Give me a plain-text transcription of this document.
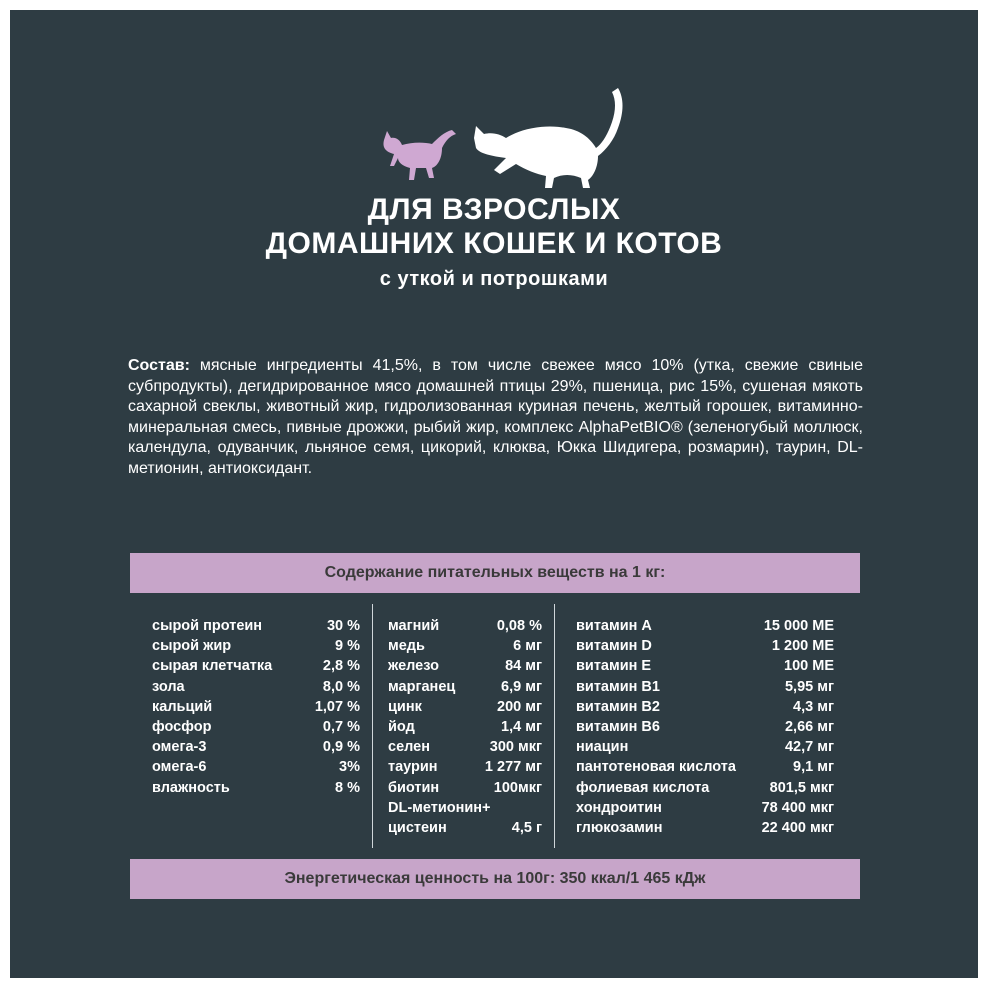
ДЛЯ ВЗРОСЛЫХ
ДОМАШНИХ КОШЕК И КОТОВ
с уткой и потрошками
Состав: мясные ингредиенты 41,5%, в том числе свежее мясо 10% (утка, свежие свиные субпродукты), дегидрированное мясо домашней птицы 29%, пшеница, рис 15%, сушеная мякоть сахарной свеклы, животный жир, гидролизованная куриная печень, желтый горошек, витаминно-минеральная смесь, пивные дрожжи, рыбий жир, комплекс AlphaPetBIO® (зеленогубый моллюск, календула, одуванчик, льняное семя, цикорий, клюква, Юкка Шидигера, розмарин), таурин, DL-метионин, антиоксидант.
Содержание питательных веществ на 1 кг:
сырой протеин	30 %
сырой жир	9 %
сырая клетчатка	2,8 %
зола	8,0 %
кальций	1,07 %
фосфор	0,7 %
омега-3	0,9 %
омега-6	3%
влажность	8 %
магний	0,08 %
медь	6 мг
железо	84 мг
марганец	6,9 мг
цинк	200 мг
йод	1,4 мг
селен	300 мкг
таурин	1 277 мг
биотин	100мкг
DL-метионин+
цистеин	4,5 г
витамин A	15 000 МЕ
витамин D	1 200 МЕ
витамин E	100 МЕ
витамин B1	5,95 мг
витамин B2	4,3 мг
витамин B6	2,66 мг
ниацин	42,7 мг
пантотеновая кислота	9,1 мг
фолиевая кислота	801,5 мкг
хондроитин	78 400 мкг
глюкозамин	22 400 мкг
Энергетическая ценность на 100г: 350 ккал/1 465 кДж
